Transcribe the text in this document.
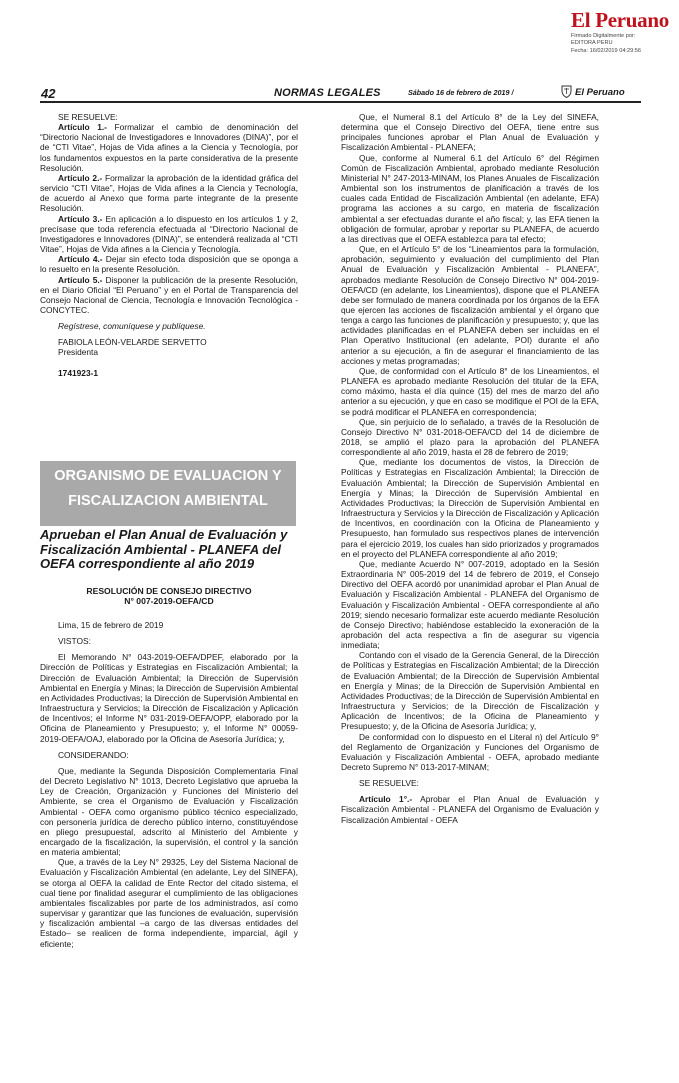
El Peruano
Firmado Digitalmente por:
EDITORA PERU
Fecha: 16/02/2019 04:29:56
42	NORMAS LEGALES	Sábado 16 de febrero de 2019 /	El Peruano

SE RESUELVE:

Artículo 1.- Formalizar el cambio de denominación del “Directorio Nacional de Investigadores e Innovadores (DINA)”, por el de “CTI Vitae”, Hojas de Vida afines a la Ciencia y Tecnología, por los fundamentos expuestos en la parte considerativa de la presente Resolución.

Artículo 2.- Formalizar la aprobación de la identidad gráfica del servicio “CTI Vitae”, Hojas de Vida afines a la Ciencia y Tecnología, de acuerdo al Anexo que forma parte integrante de la presente Resolución.

Artículo 3.- En aplicación a lo dispuesto en los artículos 1 y 2, precísase que toda referencia efectuada al “Directorio Nacional de Investigadores e Innovadores (DINA)”, se entenderá realizada al “CTI Vitae”, Hojas de Vida afines a la Ciencia y Tecnología.

Artículo 4.- Dejar sin efecto toda disposición que se oponga a lo resuelto en la presente Resolución.

Artículo 5.- Disponer la publicación de la presente Resolución, en el Diario Oficial “El Peruano” y en el Portal de Transparencia del Consejo Nacional de Ciencia, Tecnología e Innovación Tecnológica - CONCYTEC.

Regístrese, comuníquese y publíquese.

FABIOLA LEÓN-VELARDE SERVETTO

Presidenta

1741923-1

ORGANISMO DE EVALUACION Y
FISCALIZACION AMBIENTAL
Aprueban el Plan Anual de Evaluación y Fiscalización Ambiental - PLANEFA del OEFA correspondiente al año 2019
RESOLUCIÓN DE CONSEJO DIRECTIVO
N° 007-2019-OEFA/CD

Lima, 15 de febrero de 2019

VISTOS:

El Memorando N° 043-2019-OEFA/DPEF, elaborado por la Dirección de Políticas y Estrategias en Fiscalización Ambiental; la Dirección de Evaluación Ambiental; la Dirección de Supervisión Ambiental en Energía y Minas; la Dirección de Supervisión Ambiental en Actividades Productivas; la Dirección de Supervisión Ambiental en Infraestructura y Servicios; la Dirección de Fiscalización y Aplicación de Incentivos; el Informe N° 031-2019-OEFA/OPP, elaborado por la Oficina de Planeamiento y Presupuesto; y, el Informe N° 00059- 2019-OEFA/OAJ, elaborado por la Oficina de Asesoría Jurídica; y,

CONSIDERANDO:

Que, mediante la Segunda Disposición Complementaria Final del Decreto Legislativo N° 1013, Decreto Legislativo que aprueba la Ley de Creación, Organización y Funciones del Ministerio del Ambiente, se crea el Organismo de Evaluación y Fiscalización Ambiental - OEFA como organismo público técnico especializado, con personería jurídica de derecho público interno, constituyéndose en pliego presupuestal, adscrito al Ministerio del Ambiente y encargado de la fiscalización, la supervisión, el control y la sanción en materia ambiental;

Que, a través de la Ley N° 29325, Ley del Sistema Nacional de Evaluación y Fiscalización Ambiental (en adelante, Ley del SINEFA), se otorga al OEFA la calidad de Ente Rector del citado sistema, el cual tiene por finalidad asegurar el cumplimiento de las obligaciones ambientales fiscalizables por parte de los administrados, así como supervisar y garantizar que las funciones de evaluación, supervisión y fiscalización ambiental –a cargo de las diversas entidades del Estado– se realicen de forma independiente, imparcial, ágil y eficiente;

Que, el Numeral 8.1 del Artículo 8° de la Ley del SINEFA, determina que el Consejo Directivo del OEFA, tiene entre sus principales funciones aprobar el Plan Anual de Evaluación y Fiscalización Ambiental - PLANEFA;

Que, conforme al Numeral 6.1 del Artículo 6° del Régimen Común de Fiscalización Ambiental, aprobado mediante Resolución Ministerial N° 247-2013-MINAM, los Planes Anuales de Fiscalización Ambiental son los instrumentos de planificación a través de los cuales cada Entidad de Fiscalización Ambiental (en adelante, EFA) programa las acciones a su cargo, en materia de fiscalización ambiental a ser efectuadas durante el año fiscal; y, las EFA tienen la obligación de formular, aprobar y reportar su PLANEFA, de acuerdo a las directivas que el OEFA establezca para tal efecto;

Que, en el Artículo 5° de los “Lineamientos para la formulación, aprobación, seguimiento y evaluación del cumplimiento del Plan Anual de Evaluación y Fiscalización Ambiental - PLANEFA”, aprobados mediante Resolución de Consejo Directivo N° 004-2019-OEFA/CD (en adelante, los Lineamientos), dispone que el PLANEFA debe ser formulado de manera coordinada por los órganos de la EFA que ejercen las acciones de fiscalización ambiental y el órgano que tenga a cargo las funciones de planificación y presupuesto; y, que las actividades planificadas en el PLANEFA deben ser incluidas en el Plan Operativo Institucional (en adelante, POI) durante el año anterior a su ejecución, a fin de asegurar el financiamiento de las acciones y metas programadas;

Que, de conformidad con el Artículo 8° de los Lineamientos, el PLANEFA es aprobado mediante Resolución del titular de la EFA, como máximo, hasta el día quince (15) del mes de marzo del año anterior a su ejecución, y que en caso se modifique el POI de la EFA, se podrá modificar el PLANEFA en correspondencia;

Que, sin perjuicio de lo señalado, a través de la Resolución de Consejo Directivo N° 031-2018-OEFA/CD del 14 de diciembre de 2018, se amplió el plazo para la aprobación del PLANEFA correspondiente al año 2019, hasta el 28 de febrero de 2019;

Que, mediante los documentos de vistos, la Dirección de Políticas y Estrategias en Fiscalización Ambiental; la Dirección de Evaluación Ambiental; la Dirección de Supervisión Ambiental en Energía y Minas; la Dirección de Supervisión Ambiental en Actividades Productivas; la Dirección de Supervisión Ambiental en Infraestructura y Servicios y la Dirección de Fiscalización y Aplicación de Incentivos, en coordinación con la Oficina de Planeamiento y Presupuesto, han formulado sus respectivos planes de intervención para el ejercicio 2019, los cuales han sido priorizados y programados en el proyecto del PLANEFA correspondiente al año 2019;

Que, mediante Acuerdo N° 007-2019, adoptado en la Sesión Extraordinaria N° 005-2019 del 14 de febrero de 2019, el Consejo Directivo del OEFA acordó por unanimidad aprobar el Plan Anual de Evaluación y Fiscalización Ambiental - PLANEFA del Organismo de Evaluación y Fiscalización Ambiental - OEFA correspondiente al año 2019; siendo necesario formalizar este acuerdo mediante Resolución de Consejo Directivo; habiéndose establecido la exoneración de la aprobación del acta respectiva a fin de asegurar su vigencia inmediata;

Contando con el visado de la Gerencia General, de la Dirección de Políticas y Estrategias en Fiscalización Ambiental; de la Dirección de Evaluación Ambiental; de la Dirección de Supervisión Ambiental en Energía y Minas; de la Dirección de Supervisión Ambiental en Actividades Productivas; de la Dirección de Supervisión Ambiental en Infraestructura y Servicios; de la Dirección de Fiscalización y Aplicación de Incentivos; de la Oficina de Planeamiento y Presupuesto; y, de la Oficina de Asesoría Jurídica; y,

De conformidad con lo dispuesto en el Literal n) del Artículo 9° del Reglamento de Organización y Funciones del Organismo de Evaluación y Fiscalización Ambiental - OEFA, aprobado mediante Decreto Supremo N° 013-2017-MINAM;

SE RESUELVE:

Artículo 1°.- Aprobar el Plan Anual de Evaluación y Fiscalización Ambiental - PLANEFA del Organismo de Evaluación y Fiscalización Ambiental - OEFA
